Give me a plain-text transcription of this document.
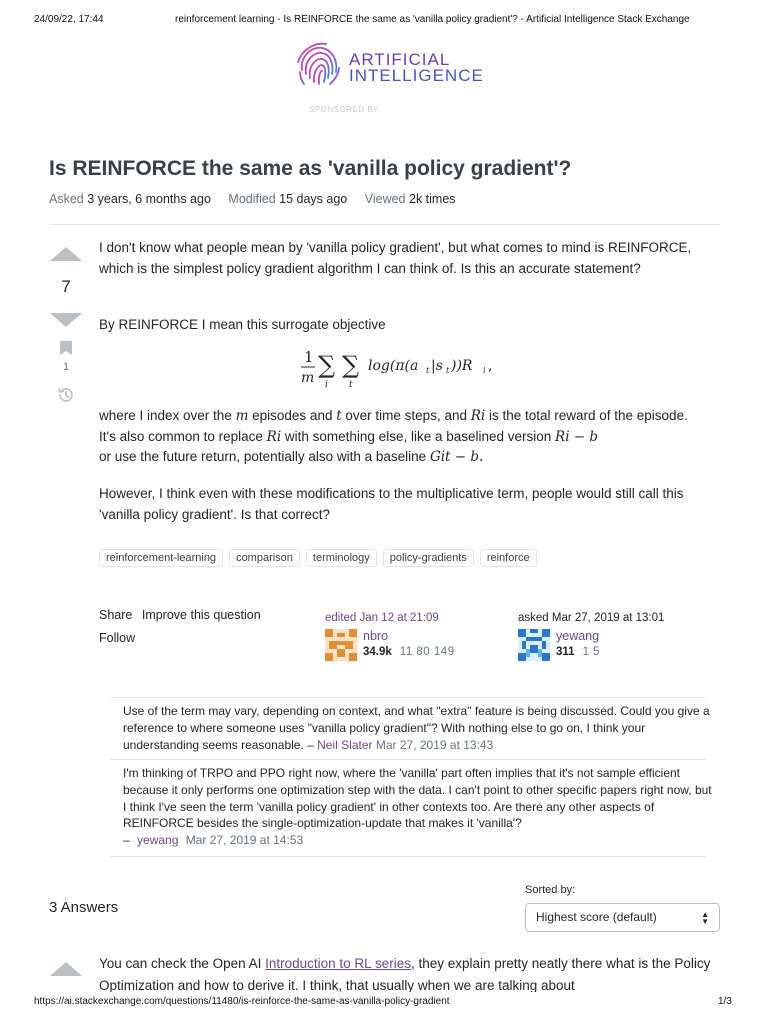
24/09/22, 17:44	reinforcement learning - Is REINFORCE the same as 'vanilla policy gradient'? - Artificial Intelligence Stack Exchange
ARTIFICIAL
INTELLIGENCE
SPONSORED BY
Is REINFORCE the same as 'vanilla policy gradient'?
Asked 3 years, 6 months ago Modified 15 days ago Viewed 2k times
7
1

I don't know what people mean by 'vanilla policy gradient', but what comes to mind is REINFORCE, which is the simplest policy gradient algorithm I can think of. Is this an accurate statement?

By REINFORCE I mean this surrogate objective

1
m ∑
i
∑
t
log(π(a t |s t ))R i ,

where I index over the m episodes and t over time steps, and Ri is the total reward of the episode. It's also common to replace Ri with something else, like a baselined version Ri − b
or use the future return, potentially also with a baseline Git − b.

However, I think even with these modifications to the multiplicative term, people would still call this 'vanilla policy gradient'. Is that correct?

reinforcement-learning comparison terminology policy-gradients reinforce
Share Improve this question
Follow
edited Jan 12 at 21:09
nbro
34.9k 11 80 149
asked Mar 27, 2019 at 13:01
yewang
311 1 5
Use of the term may vary, depending on context, and what "extra" feature is being discussed. Could you give a reference to where someone uses "vanilla policy gradient"? With nothing else to go on, I think your understanding seems reasonable. – Neil Slater Mar 27, 2019 at 13:43
I'm thinking of TRPO and PPO right now, where the 'vanilla' part often implies that it's not sample efficient because it only performs one optimization step with the data. I can't point to other specific papers right now, but I think I've seen the term 'vanilla policy gradient' in other contexts too. Are there any other aspects of REINFORCE besides the single-optimization-update that makes it 'vanilla'?
– yewang Mar 27, 2019 at 14:53
3 Answers
Sorted by:
Highest score (default)	▲
▼
You can check the Open AI Introduction to RL series, they explain pretty neatly there what is the Policy Optimization and how to derive it. I think, that usually when we are talking about
https://ai.stackexchange.com/questions/11480/is-reinforce-the-same-as-vanilla-policy-gradient	1/3
